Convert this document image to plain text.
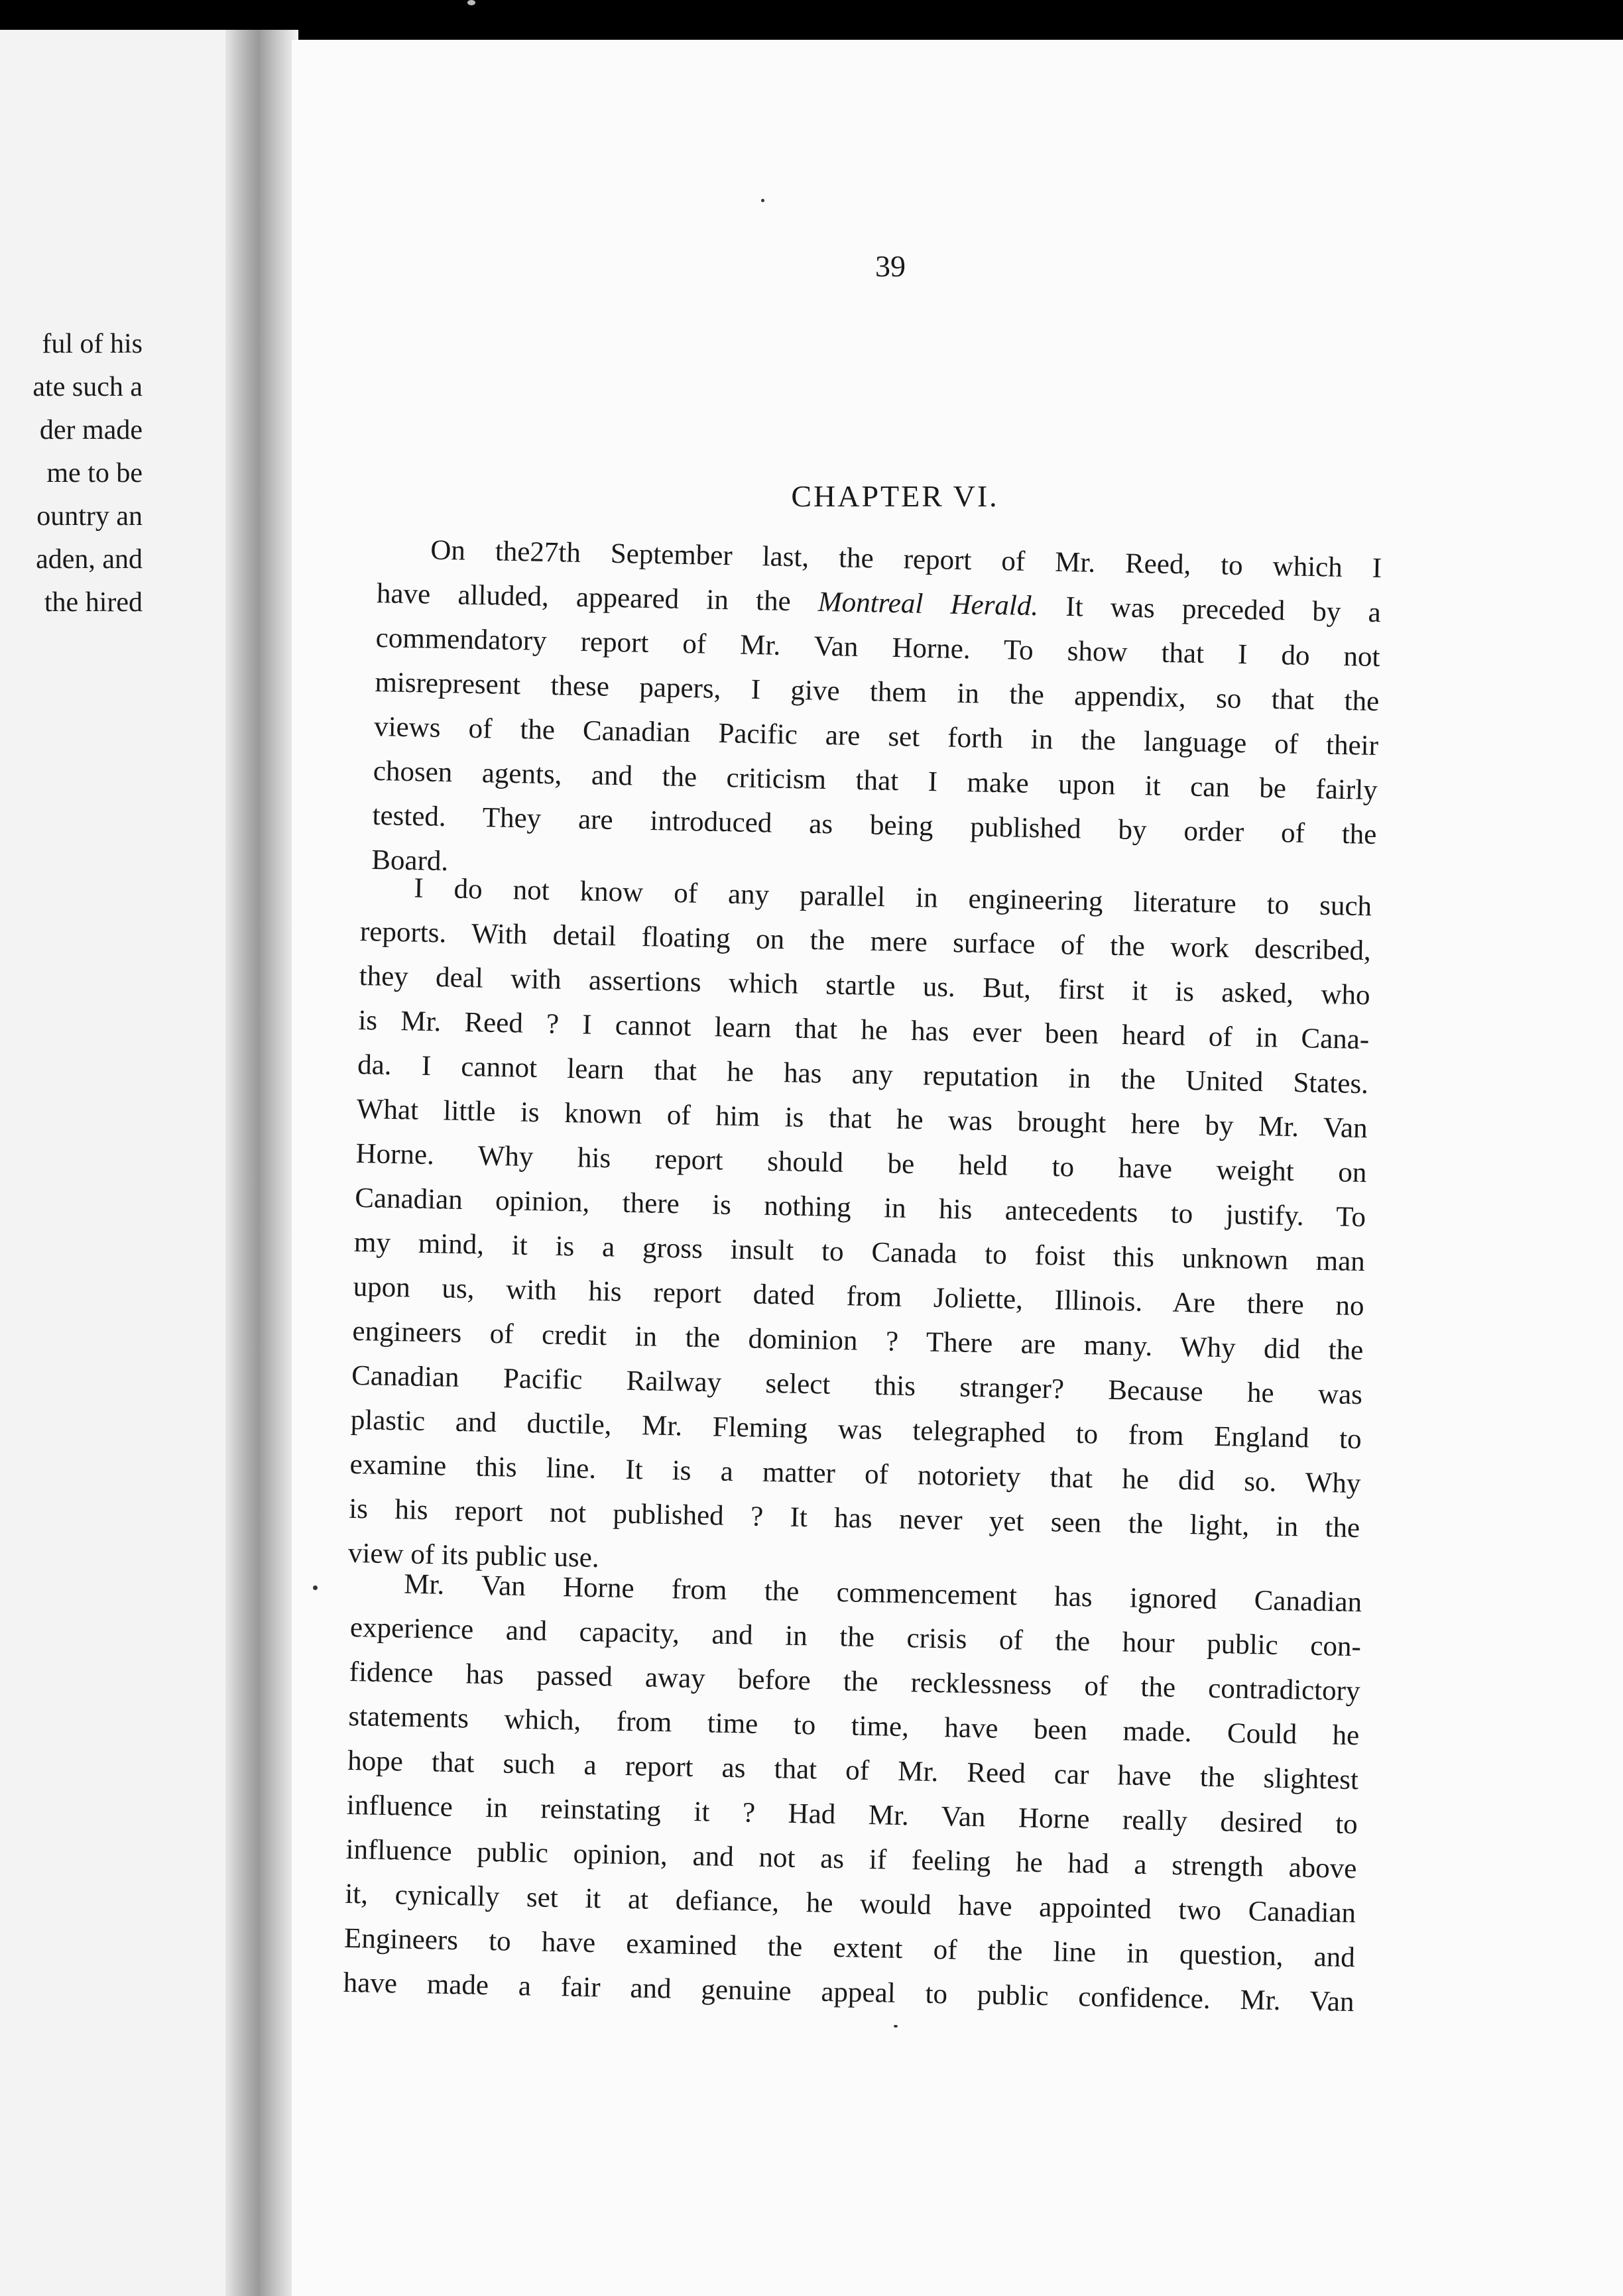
ful of his
ate such a
der made
me to be
ountry an
aden, and
the hired
39
CHAPTER VI.
On the27th September last, the report of Mr. Reed, to which I
have alluded, appeared in the Montreal Herald. It was preceded by a
commendatory report of Mr. Van Horne. To show that I do not
misrepresent these papers, I give them in the appendix, so that the
views of the Canadian Pacific are set forth in the language of their
chosen agents, and the criticism that I make upon it can be fairly
tested. They are introduced as being published by order of the
Board.
I do not know of any parallel in engineering literature to such
reports. With detail floating on the mere surface of the work described,
they deal with assertions which startle us. But, first it is asked, who
is Mr. Reed ? I cannot learn that he has ever been heard of in Cana-
da. I cannot learn that he has any reputation in the United States.
What little is known of him is that he was brought here by Mr. Van
Horne. Why his report should be held to have weight on
Canadian opinion, there is nothing in his antecedents to justify. To
my mind, it is a gross insult to Canada to foist this unknown man
upon us, with his report dated from Joliette, Illinois. Are there no
engineers of credit in the dominion ? There are many. Why did the
Canadian Pacific Railway select this stranger? Because he was
plastic and ductile, Mr. Fleming was telegraphed to from England to
examine this line. It is a matter of notoriety that he did so. Why
is his report not published ? It has never yet seen the light, in the
view of its public use.
Mr. Van Horne from the commencement has ignored Canadian
experience and capacity, and in the crisis of the hour public con-
fidence has passed away before the recklessness of the contradictory
statements which, from time to time, have been made. Could he
hope that such a report as that of Mr. Reed car have the slightest
influence in reinstating it ? Had Mr. Van Horne really desired to
influence public opinion, and not as if feeling he had a strength above
it, cynically set it at defiance, he would have appointed two Canadian
Engineers to have examined the extent of the line in question, and
have made a fair and genuine appeal to public confidence. Mr. Van
